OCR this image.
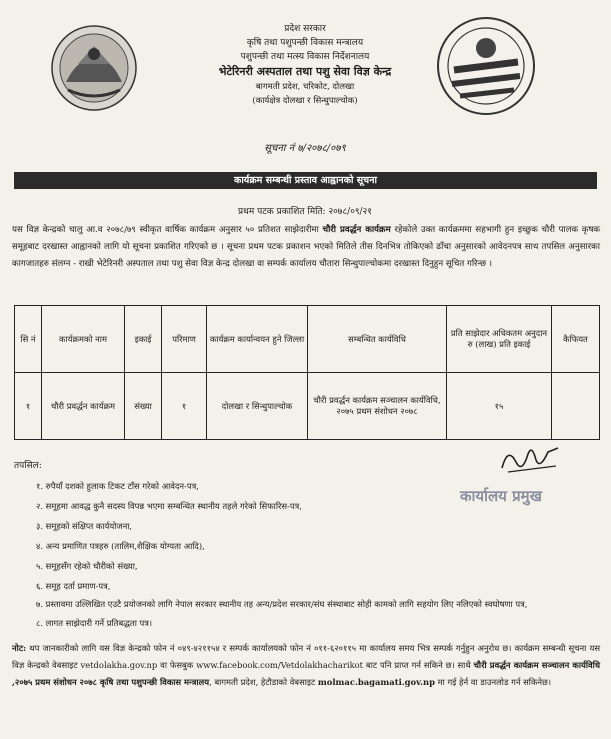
प्रदेश सरकार
कृषि तथा पशुपन्छी विकास मन्त्रालय
पशुपन्छी तथा मत्स्य विकास निर्देशनालय
भेटेरिनरी अस्पताल तथा पशु सेवा विज्ञ केन्द्र
बागमती प्रदेश, चरिकोट, दोलखा
(कार्यक्षेत्र दोलखा र सिन्धुपाल्चोक)
सूचना नं ७/२०७८/०७९
कार्यक्रम सम्बन्धी प्रस्ताव आह्वानको सूचना
प्रथम पटक प्रकाशित मिति: २०७८/०९/२१
यस विज्ञ केन्द्रको चालु आ.व २०७८/७९ स्वीकृत वार्षिक कार्यक्रम अनुसार ५० प्रतिशत साझेदारीमा चौरी प्रवर्द्धन कार्यक्रम रहेकोले उक्त कार्यक्रममा सहभागी हुन इच्छुक चौरी पालक कृषक समूहबाट दरखास्त आह्वानको लागि यो सूचना प्रकाशित गरिएको छ । सूचना प्रथम पटक प्रकाशन भएको मितिले तीस दिनभित्र तोकिएको ढाँचा अनुसारको आवेदनपत्र साथ तपसिल अनुसारका कागजातहरु संलग्न - राखी भेटेरिनरी अस्पताल तथा पशु सेवा विज्ञ केन्द्र दोलखा वा सम्पर्क कार्यालय चौतारा सिन्धुपाल्चोकमा दरखास्त दिनुहुन सूचित गरिन्छ ।
सि नं	कार्यक्रमको नाम	इकाई	परिमाण	कार्यक्रम कार्यान्वयन हुने जिल्ला	सम्बन्धित कार्यविधि	प्रति साझेदार अधिकतम अनुदान रु (लाख) प्रति इकाई	कैफियत
१	चौरी प्रवर्द्धन कार्यक्रम	संख्या	१	दोलखा र सिन्धुपाल्चोक	चौरी प्रवर्द्धन कार्यक्रम सञ्चालन कार्यविधि, २०७५ प्रथम संशोधन २०७८	१५	
कार्यालय प्रमुख
तपसिल:
१. रुपैयाँ दशको हुलाक टिकट टाँस गरेको आवेदन-पत्र,
२. समूहमा आवद्ध कुनै सदस्य विपन्न भएमा सम्बन्धित स्थानीय तहले गरेको सिफारिस-पत्र,
३. समूहको संक्षिप्त कार्ययोजना,
४. अन्य प्रमाणित पत्रहरु (तालिम,शैक्षिक योग्यता आदि),
५. समूहसँग रहेको चौरीको संख्या,
६. समूह दर्ता प्रमाण-पत्र,
७. प्रस्तावमा उल्लिखित एउटै प्रयोजनको लागि नेपाल सरकार स्थानीय तह अन्य/प्रदेश सरकार/संघ संस्थाबाट सोही कामको लागि सहयोग लिए नलिएको स्वघोषणा पत्र,
८. लागत साझेदारी गर्ने प्रतिबद्धता पत्र।
नोट: थप जानकारीको लागि यस विज्ञ केन्द्रको फोन नं ०४९-४२११५४ र सम्पर्क कार्यालयको फोन नं ०११-६२०११५ मा कार्यालय समय भित्र सम्पर्क गर्नुहुन अनुरोध छ। कार्यक्रम सम्बन्धी सूचना यस विज्ञ केन्द्रको वेबसाइट vetdolakha.gov.np वा फेसबुक www.facebook.com/Vetdolakhacharikot बाट पनि प्राप्त गर्न सकिने छ। साथै चौरी प्रवर्द्धन कार्यक्रम सञ्चालन कार्यविधि ,२०७५ प्रथम संशोधन २०७८ कृषि तथा पशुपन्छी विकास मन्त्रालय, बागमती प्रदेश, हेटौडाको वेबसाइट molmac.bagamati.gov.np मा गई हेर्न वा डाउनलोड गर्न सकिनेछ।
